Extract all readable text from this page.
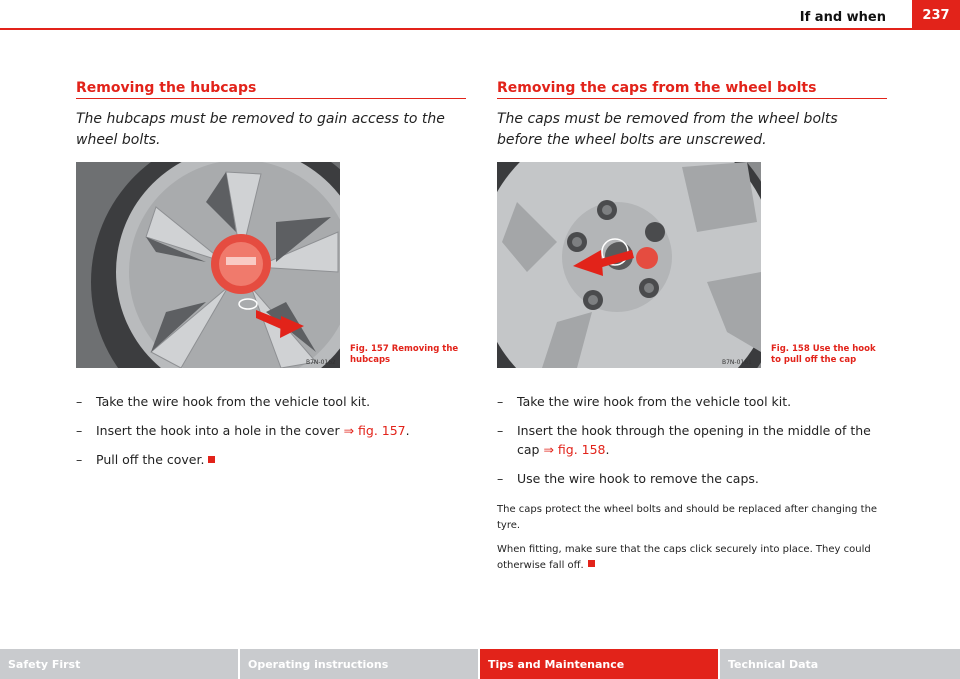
If and when	237
Removing the hubcaps

The hubcaps must be removed to gain access to the wheel bolts.

B7N-0162
Fig. 157 Removing the hubcaps
– Take the wire hook from the vehicle tool kit.
– Insert the hook into a hole in the cover ⇒ fig. 157.
– Pull off the cover.
Removing the caps from the wheel bolts

The caps must be removed from the wheel bolts before the wheel bolts are unscrewed.

B7N-0161
Fig. 158 Use the hook to pull off the cap
– Take the wire hook from the vehicle tool kit.
– Insert the hook through the opening in the middle of the cap ⇒ fig. 158.
– Use the wire hook to remove the caps.

The caps protect the wheel bolts and should be replaced after changing the tyre.

When fitting, make sure that the caps click securely into place. They could otherwise fall off.

Safety First	Operating instructions	Tips and Maintenance	Technical Data
